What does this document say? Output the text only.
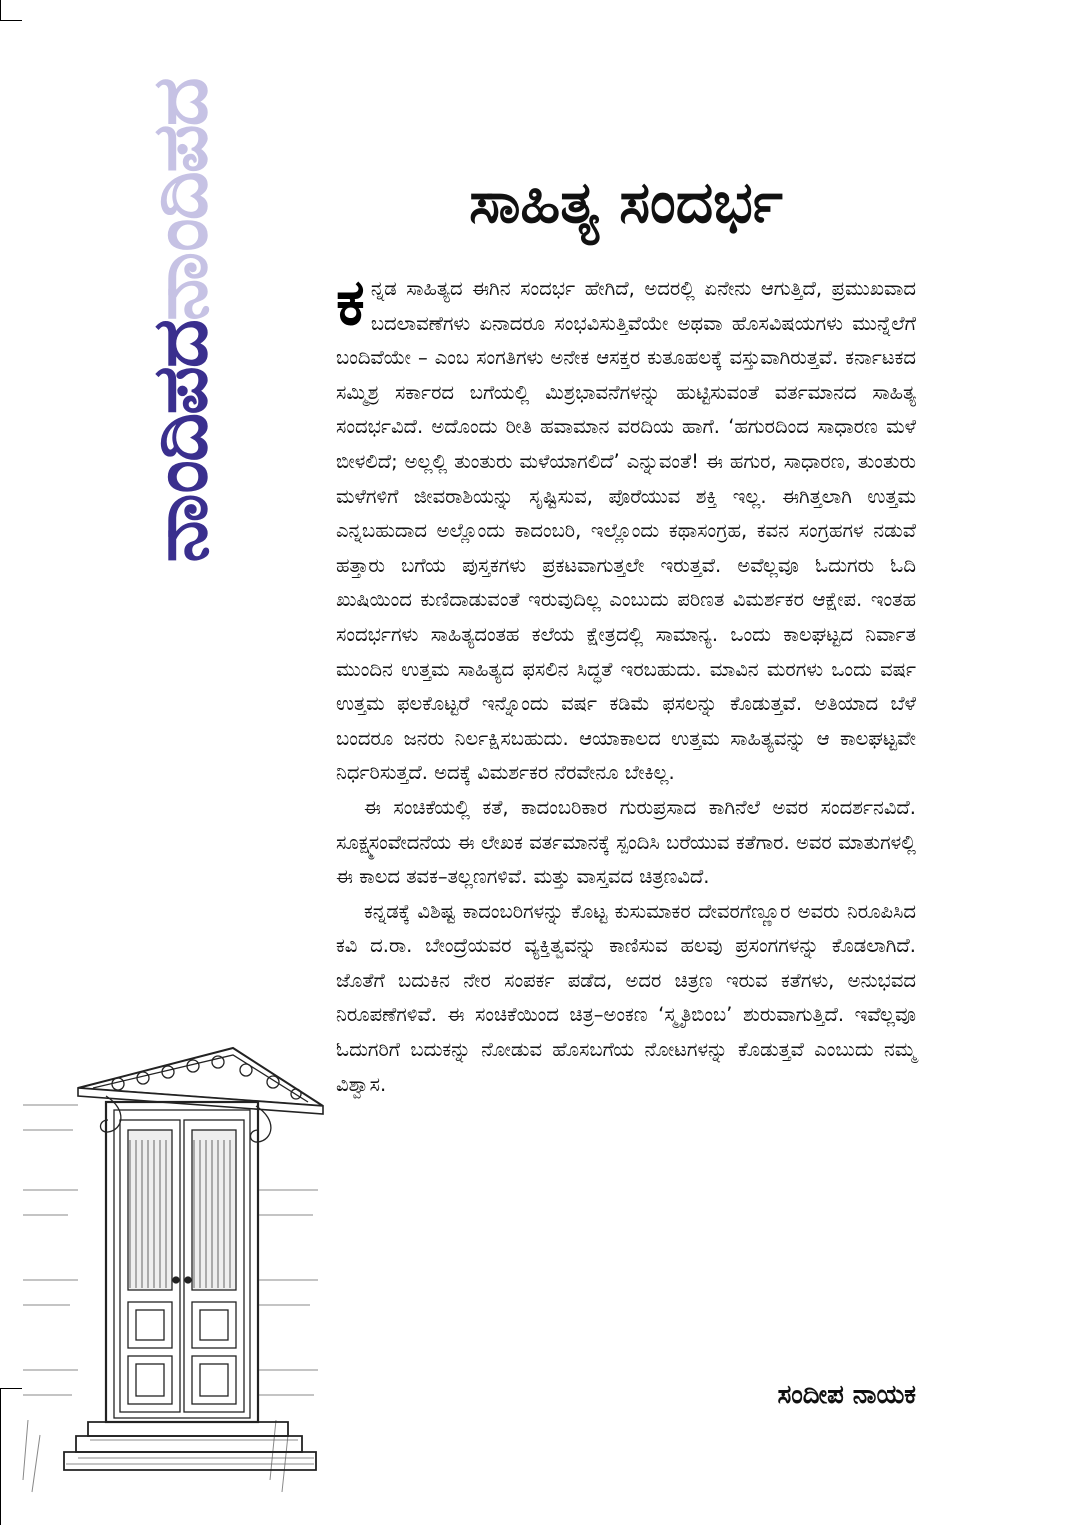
ನಾಂದಿಪದನಾಂದಿಪದ	ಸಾಹಿತ್ಯ ಸಂದರ್ಭ

ಕನ್ನಡ ಸಾಹಿತ್ಯದ ಈಗಿನ ಸಂದರ್ಭ ಹೇಗಿದೆ, ಅದರಲ್ಲಿ ಏನೇನು ಆಗುತ್ತಿದೆ, ಪ್ರಮುಖವಾದ ಬದಲಾವಣೆಗಳು ಏನಾದರೂ ಸಂಭವಿಸುತ್ತಿವೆಯೇ ಅಥವಾ ಹೊಸವಿಷಯಗಳು ಮುನ್ನೆಲೆಗೆ ಬಂದಿವೆಯೇ – ಎಂಬ ಸಂಗತಿಗಳು ಅನೇಕ ಆಸಕ್ತರ ಕುತೂಹಲಕ್ಕೆ ವಸ್ತುವಾಗಿರುತ್ತವೆ. ಕರ್ನಾಟಕದ ಸಮ್ಮಿಶ್ರ ಸರ್ಕಾರದ ಬಗೆಯಲ್ಲಿ ಮಿಶ್ರಭಾವನೆಗಳನ್ನು ಹುಟ್ಟಿಸುವಂತೆ ವರ್ತಮಾನದ ಸಾಹಿತ್ಯ ಸಂದರ್ಭವಿದೆ. ಅದೊಂದು ರೀತಿ ಹವಾಮಾನ ವರದಿಯ ಹಾಗೆ. ‘ಹಗುರದಿಂದ ಸಾಧಾರಣ ಮಳೆ ಬೀಳಲಿದೆ; ಅಲ್ಲಲ್ಲಿ ತುಂತುರು ಮಳೆಯಾಗಲಿದೆ’ ಎನ್ನುವಂತೆ! ಈ ಹಗುರ, ಸಾಧಾರಣ, ತುಂತುರು ಮಳೆಗಳಿಗೆ ಜೀವರಾಶಿಯನ್ನು ಸೃಷ್ಟಿಸುವ, ಪೊರೆಯುವ ಶಕ್ತಿ ಇಲ್ಲ. ಈಗಿತ್ತಲಾಗಿ ಉತ್ತಮ ಎನ್ನಬಹುದಾದ ಅಲ್ಲೊಂದು ಕಾದಂಬರಿ, ಇಲ್ಲೊಂದು ಕಥಾಸಂಗ್ರಹ, ಕವನ ಸಂಗ್ರಹಗಳ ನಡುವೆ ಹತ್ತಾರು ಬಗೆಯ ಪುಸ್ತಕಗಳು ಪ್ರಕಟವಾಗುತ್ತಲೇ ಇರುತ್ತವೆ. ಅವೆಲ್ಲವೂ ಓದುಗರು ಓದಿ ಖುಷಿಯಿಂದ ಕುಣಿದಾಡುವಂತೆ ಇರುವುದಿಲ್ಲ ಎಂಬುದು ಪರಿಣತ ವಿಮರ್ಶಕರ ಆಕ್ಷೇಪ. ಇಂತಹ ಸಂದರ್ಭಗಳು ಸಾಹಿತ್ಯದಂತಹ ಕಲೆಯ ಕ್ಷೇತ್ರದಲ್ಲಿ ಸಾಮಾನ್ಯ. ಒಂದು ಕಾಲಘಟ್ಟದ ನಿರ್ವಾತ ಮುಂದಿನ ಉತ್ತಮ ಸಾಹಿತ್ಯದ ಫಸಲಿನ ಸಿದ್ಧತೆ ಇರಬಹುದು. ಮಾವಿನ ಮರಗಳು ಒಂದು ವರ್ಷ ಉತ್ತಮ ಫಲಕೊಟ್ಟರೆ ಇನ್ನೊಂದು ವರ್ಷ ಕಡಿಮೆ ಫಸಲನ್ನು ಕೊಡುತ್ತವೆ. ಅತಿಯಾದ ಬೆಳೆ ಬಂದರೂ ಜನರು ನಿರ್ಲಕ್ಷಿಸಬಹುದು. ಆಯಾಕಾಲದ ಉತ್ತಮ ಸಾಹಿತ್ಯವನ್ನು ಆ ಕಾಲಘಟ್ಟವೇ ನಿರ್ಧರಿಸುತ್ತದೆ. ಅದಕ್ಕೆ ವಿಮರ್ಶಕರ ನೆರವೇನೂ ಬೇಕಿಲ್ಲ.

ಈ ಸಂಚಿಕೆಯಲ್ಲಿ ಕತೆ, ಕಾದಂಬರಿಕಾರ ಗುರುಪ್ರಸಾದ ಕಾಗಿನೆಲೆ ಅವರ ಸಂದರ್ಶನವಿದೆ. ಸೂಕ್ಷ್ಮಸಂವೇದನೆಯ ಈ ಲೇಖಕ ವರ್ತಮಾನಕ್ಕೆ ಸ್ಪಂದಿಸಿ ಬರೆಯುವ ಕತೆಗಾರ. ಅವರ ಮಾತುಗಳಲ್ಲಿ ಈ ಕಾಲದ ತವಕ–ತಲ್ಲಣಗಳಿವೆ. ಮತ್ತು ವಾಸ್ತವದ ಚಿತ್ರಣವಿದೆ.

ಕನ್ನಡಕ್ಕೆ ವಿಶಿಷ್ಟ ಕಾದಂಬರಿಗಳನ್ನು ಕೊಟ್ಟ ಕುಸುಮಾಕರ ದೇವರಗೆಣ್ಣೂರ ಅವರು ನಿರೂಪಿಸಿದ ಕವಿ ದ.ರಾ. ಬೇಂದ್ರೆಯವರ ವ್ಯಕ್ತಿತ್ವವನ್ನು ಕಾಣಿಸುವ ಹಲವು ಪ್ರಸಂಗಗಳನ್ನು ಕೊಡಲಾಗಿದೆ. ಜೊತೆಗೆ ಬದುಕಿನ ನೇರ ಸಂಪರ್ಕ ಪಡೆದ, ಅದರ ಚಿತ್ರಣ ಇರುವ ಕತೆಗಳು, ಅನುಭವದ ನಿರೂಪಣೆಗಳಿವೆ. ಈ ಸಂಚಿಕೆಯಿಂದ ಚಿತ್ರ–ಅಂಕಣ ‘ಸ್ಮೃತಿಬಿಂಬ’ ಶುರುವಾಗುತ್ತಿದೆ. ಇವೆಲ್ಲವೂ ಓದುಗರಿಗೆ ಬದುಕನ್ನು ನೋಡುವ ಹೊಸಬಗೆಯ ನೋಟಗಳನ್ನು ಕೊಡುತ್ತವೆ ಎಂಬುದು ನಮ್ಮ ವಿಶ್ವಾಸ.

ಸಂದೀಪ ನಾಯಕ
